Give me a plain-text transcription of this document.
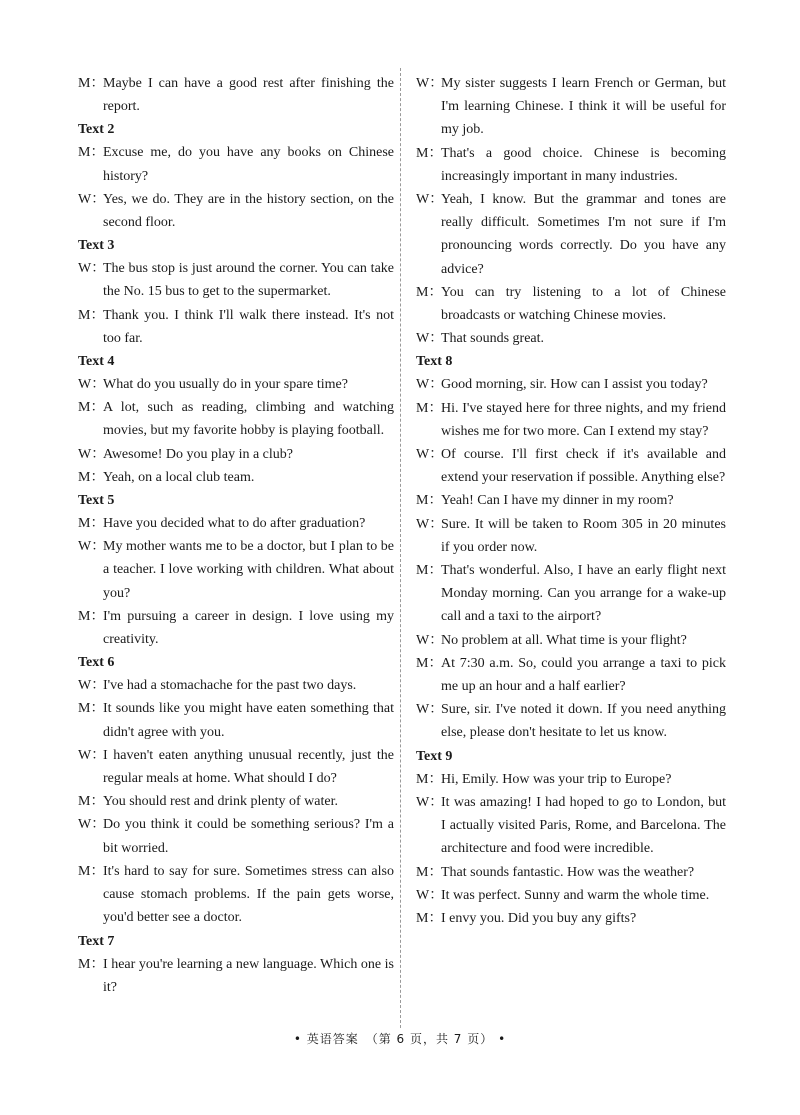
M：
Maybe I can have a good rest after finishing the report.
Text 2
M：
Excuse me, do you have any books on Chinese history?
W：
Yes, we do. They are in the history section, on the second floor.
Text 3
W：
The bus stop is just around the corner. You can take the No. 15 bus to get to the supermarket.
M：
Thank you. I think I'll walk there instead. It's not too far.
Text 4
W：
What do you usually do in your spare time?
M：
A lot, such as reading, climbing and watching movies, but my favorite hobby is playing football.
W：
Awesome! Do you play in a club?
M：
Yeah, on a local club team.
Text 5
M：
Have you decided what to do after graduation?
W：
My mother wants me to be a doctor, but I plan to be a teacher. I love working with children. What about you?
M：
I'm pursuing a career in design. I love using my creativity.
Text 6
W：
I've had a stomachache for the past two days.
M：
It sounds like you might have eaten something that didn't agree with you.
W：
I haven't eaten anything unusual recently, just the regular meals at home. What should I do?
M：
You should rest and drink plenty of water.
W：
Do you think it could be something serious? I'm a bit worried.
M：
It's hard to say for sure. Sometimes stress can also cause stomach problems. If the pain gets worse, you'd better see a doctor.
Text 7
M：
I hear you're learning a new language. Which one is it?
W：
My sister suggests I learn French or German, but I'm learning Chinese. I think it will be useful for my job.
M：
That's a good choice. Chinese is becoming increasingly important in many industries.
W：
Yeah, I know. But the grammar and tones are really difficult. Sometimes I'm not sure if I'm pronouncing words correctly. Do you have any advice?
M：
You can try listening to a lot of Chinese broadcasts or watching Chinese movies.
W：
That sounds great.
Text 8
W：
Good morning, sir. How can I assist you today?
M：
Hi. I've stayed here for three nights, and my friend wishes me for two more. Can I extend my stay?
W：
Of course. I'll first check if it's available and extend your reservation if possible. Anything else?
M：
Yeah! Can I have my dinner in my room?
W：
Sure. It will be taken to Room 305 in 20 minutes if you order now.
M：
That's wonderful. Also, I have an early flight next Monday morning. Can you arrange for a wake-up call and a taxi to the airport?
W：
No problem at all. What time is your flight?
M：
At 7:30 a.m. So, could you arrange a taxi to pick me up an hour and a half earlier?
W：
Sure, sir. I've noted it down. If you need anything else, please don't hesitate to let us know.
Text 9
M：
Hi, Emily. How was your trip to Europe?
W：
It was amazing! I had hoped to go to London, but I actually visited Paris, Rome, and Barcelona. The architecture and food were incredible.
M：
That sounds fantastic. How was the weather?
W：
It was perfect. Sunny and warm the whole time.
M：
I envy you. Did you buy any gifts?
• 英语答案　（第 6 页，共 7 页） •
